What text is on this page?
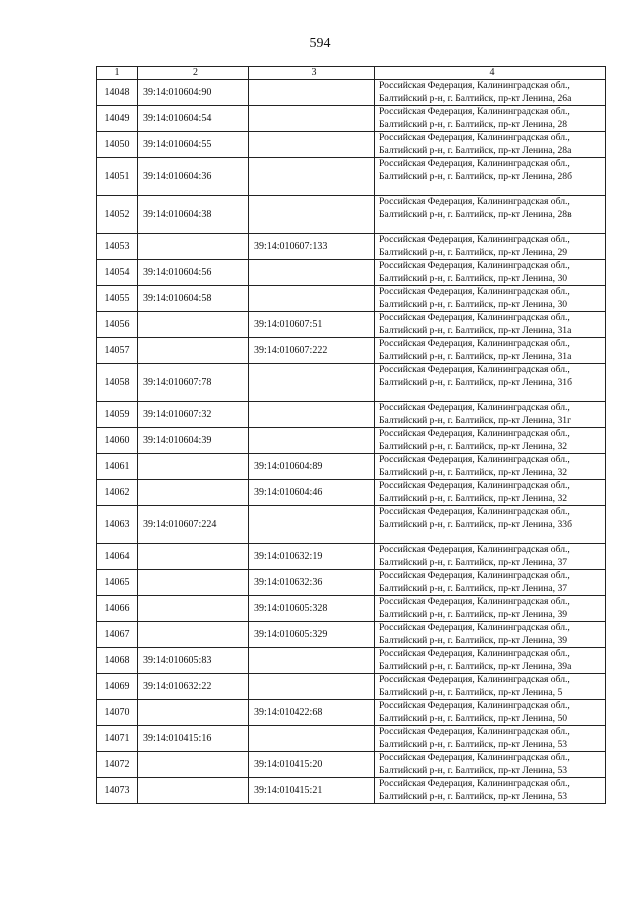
594
1	2	3	4
14048	39:14:010604:90		Российская Федерация, Калининградская обл., Балтийский р-н, г. Балтийск, пр-кт Ленина, 26а
14049	39:14:010604:54		Российская Федерация, Калининградская обл., Балтийский р-н, г. Балтийск, пр-кт Ленина, 28
14050	39:14:010604:55		Российская Федерация, Калининградская обл., Балтийский р-н, г. Балтийск, пр-кт Ленина, 28а
14051	39:14:010604:36		Российская Федерация, Калининградская обл., Балтийский р-н, г. Балтийск, пр-кт Ленина, 28б
14052	39:14:010604:38		Российская Федерация, Калининградская обл., Балтийский р-н, г. Балтийск, пр-кт Ленина, 28в
14053		39:14:010607:133	Российская Федерация, Калининградская обл., Балтийский р-н, г. Балтийск, пр-кт Ленина, 29
14054	39:14:010604:56		Российская Федерация, Калининградская обл., Балтийский р-н, г. Балтийск, пр-кт Ленина, 30
14055	39:14:010604:58		Российская Федерация, Калининградская обл., Балтийский р-н, г. Балтийск, пр-кт Ленина, 30
14056		39:14:010607:51	Российская Федерация, Калининградская обл., Балтийский р-н, г. Балтийск, пр-кт Ленина, 31а
14057		39:14:010607:222	Российская Федерация, Калининградская обл., Балтийский р-н, г. Балтийск, пр-кт Ленина, 31а
14058	39:14:010607:78		Российская Федерация, Калининградская обл., Балтийский р-н, г. Балтийск, пр-кт Ленина, 31б
14059	39:14:010607:32		Российская Федерация, Калининградская обл., Балтийский р-н, г. Балтийск, пр-кт Ленина, 31г
14060	39:14:010604:39		Российская Федерация, Калининградская обл., Балтийский р-н, г. Балтийск, пр-кт Ленина, 32
14061		39:14:010604:89	Российская Федерация, Калининградская обл., Балтийский р-н, г. Балтийск, пр-кт Ленина, 32
14062		39:14:010604:46	Российская Федерация, Калининградская обл., Балтийский р-н, г. Балтийск, пр-кт Ленина, 32
14063	39:14:010607:224		Российская Федерация, Калининградская обл., Балтийский р-н, г. Балтийск, пр-кт Ленина, 33б
14064		39:14:010632:19	Российская Федерация, Калининградская обл., Балтийский р-н, г. Балтийск, пр-кт Ленина, 37
14065		39:14:010632:36	Российская Федерация, Калининградская обл., Балтийский р-н, г. Балтийск, пр-кт Ленина, 37
14066		39:14:010605:328	Российская Федерация, Калининградская обл., Балтийский р-н, г. Балтийск, пр-кт Ленина, 39
14067		39:14:010605:329	Российская Федерация, Калининградская обл., Балтийский р-н, г. Балтийск, пр-кт Ленина, 39
14068	39:14:010605:83		Российская Федерация, Калининградская обл., Балтийский р-н, г. Балтийск, пр-кт Ленина, 39а
14069	39:14:010632:22		Российская Федерация, Калининградская обл., Балтийский р-н, г. Балтийск, пр-кт Ленина, 5
14070		39:14:010422:68	Российская Федерация, Калининградская обл., Балтийский р-н, г. Балтийск, пр-кт Ленина, 50
14071	39:14:010415:16		Российская Федерация, Калининградская обл., Балтийский р-н, г. Балтийск, пр-кт Ленина, 53
14072		39:14:010415:20	Российская Федерация, Калининградская обл., Балтийский р-н, г. Балтийск, пр-кт Ленина, 53
14073		39:14:010415:21	Российская Федерация, Калининградская обл., Балтийский р-н, г. Балтийск, пр-кт Ленина, 53
